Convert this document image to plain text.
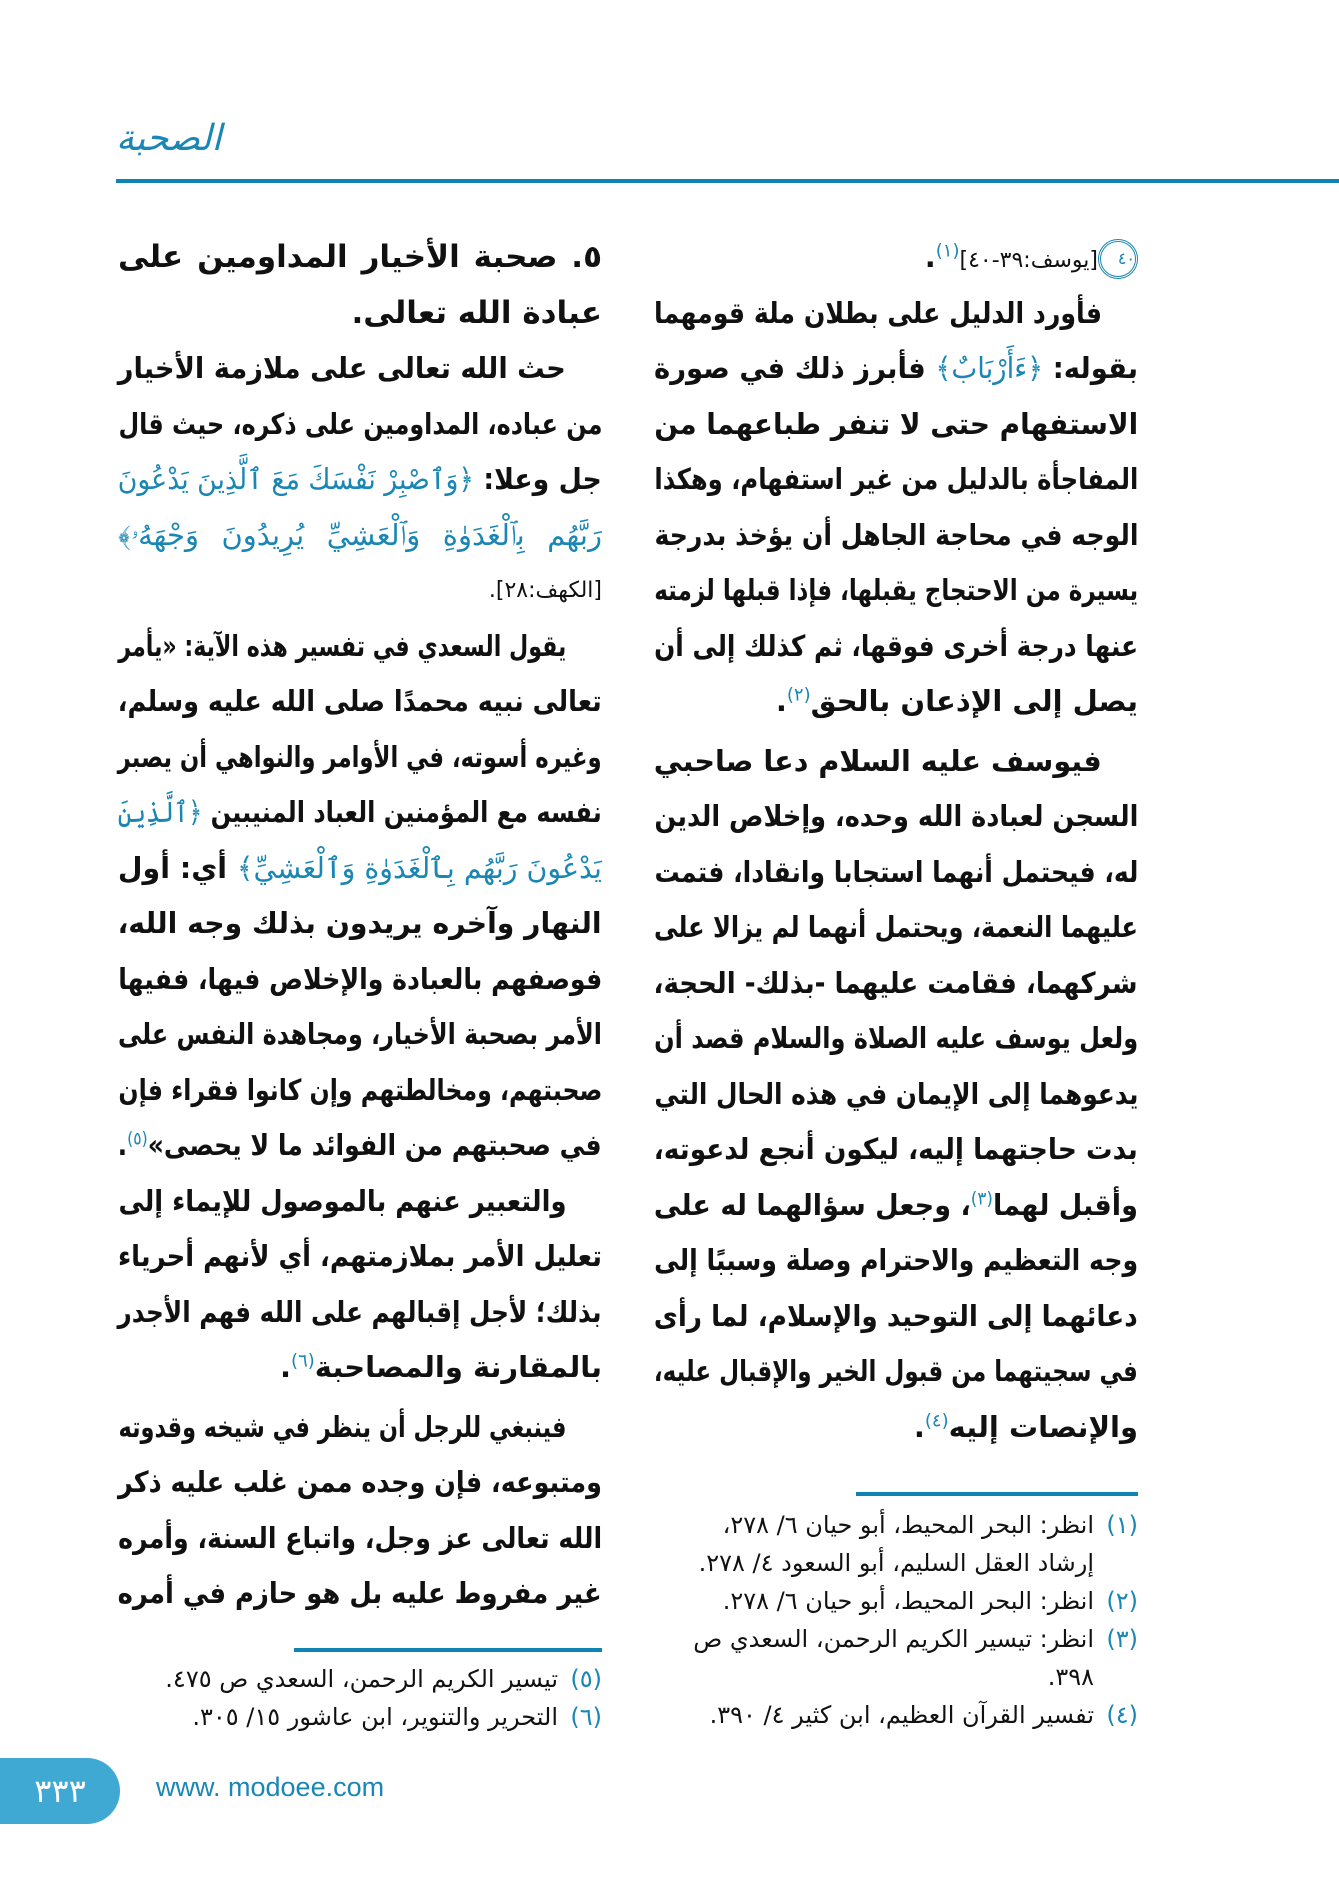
الصحبة
٤٠[يوسف:٣٩-٤٠]$^{(١)}$.
فأورد الدليل على بطلان ملة قومهما
بقوله: ﴿ءَأَرْبَابٌ﴾ فأبرز ذلك في صورة
الاستفهام حتى لا تنفر طباعهما من
المفاجأة بالدليل من غير استفهام، وهكذا
الوجه في محاجة الجاهل أن يؤخذ بدرجة
يسيرة من الاحتجاج يقبلها، فإذا قبلها لزمته
عنها درجة أخرى فوقها، ثم كذلك إلى أن
يصل إلى الإذعان بالحق$^{(٢)}$.
فيوسف عليه السلام دعا صاحبي
السجن لعبادة الله وحده، وإخلاص الدين
له، فيحتمل أنهما استجابا وانقادا، فتمت
عليهما النعمة، ويحتمل أنهما لم يزالا على
شركهما، فقامت عليهما -بذلك- الحجة،
ولعل يوسف عليه الصلاة والسلام قصد أن
يدعوهما إلى الإيمان في هذه الحال التي
بدت حاجتهما إليه، ليكون أنجع لدعوته،
وأقبل لهما$^{(٣)}$، وجعل سؤالهما له على
وجه التعظيم والاحترام وصلة وسببًا إلى
دعائهما إلى التوحيد والإسلام، لما رأى
في سجيتهما من قبول الخير والإقبال عليه،
والإنصات إليه$^{(٤)}$.
٥. صحبة الأخيار المداومين على
عبادة الله تعالى.
حث الله تعالى على ملازمة الأخيار
من عباده، المداومين على ذكره، حيث قال
جل وعلا: ﴿وَٱصْبِرْ نَفْسَكَ مَعَ ٱلَّذِينَ يَدْعُونَ
رَبَّهُم بِٱلْغَدَوٰةِ وَٱلْعَشِيِّ يُرِيدُونَ وَجْهَهُۥ﴾
[الكهف:٢٨].
يقول السعدي في تفسير هذه الآية: «يأمر
تعالى نبيه محمدًا صلى الله عليه وسلم،
وغيره أسوته، في الأوامر والنواهي أن يصبر
نفسه مع المؤمنين العباد المنيبين ﴿ٱلَّذِينَ
يَدْعُونَ رَبَّهُم بِٱلْغَدَوٰةِ وَٱلْعَشِيِّ﴾ أي: أول
النهار وآخره يريدون بذلك وجه الله،
فوصفهم بالعبادة والإخلاص فيها، ففيها
الأمر بصحبة الأخيار، ومجاهدة النفس على
صحبتهم، ومخالطتهم وإن كانوا فقراء فإن
في صحبتهم من الفوائد ما لا يحصى»$^{(٥)}$.
والتعبير عنهم بالموصول للإيماء إلى
تعليل الأمر بملازمتهم، أي لأنهم أحرياء
بذلك؛ لأجل إقبالهم على الله فهم الأجدر
بالمقارنة والمصاحبة$^{(٦)}$.
فينبغي للرجل أن ينظر في شيخه وقدوته
ومتبوعه، فإن وجده ممن غلب عليه ذكر
الله تعالى عز وجل، واتباع السنة، وأمره
غير مفروط عليه بل هو حازم في أمره
(١)انظر: البحر المحيط، أبو حيان ٦/ ٢٧٨،
إرشاد العقل السليم، أبو السعود ٤/ ٢٧٨.
(٢)انظر: البحر المحيط، أبو حيان ٦/ ٢٧٨.
(٣)انظر: تيسير الكريم الرحمن، السعدي ص
٣٩٨.
(٤)تفسير القرآن العظيم، ابن كثير ٤/ ٣٩٠.
(٥)تيسير الكريم الرحمن، السعدي ص ٤٧٥.
(٦)التحرير والتنوير، ابن عاشور ١٥/ ٣٠٥.
٣٣٣	www. modoee.com
